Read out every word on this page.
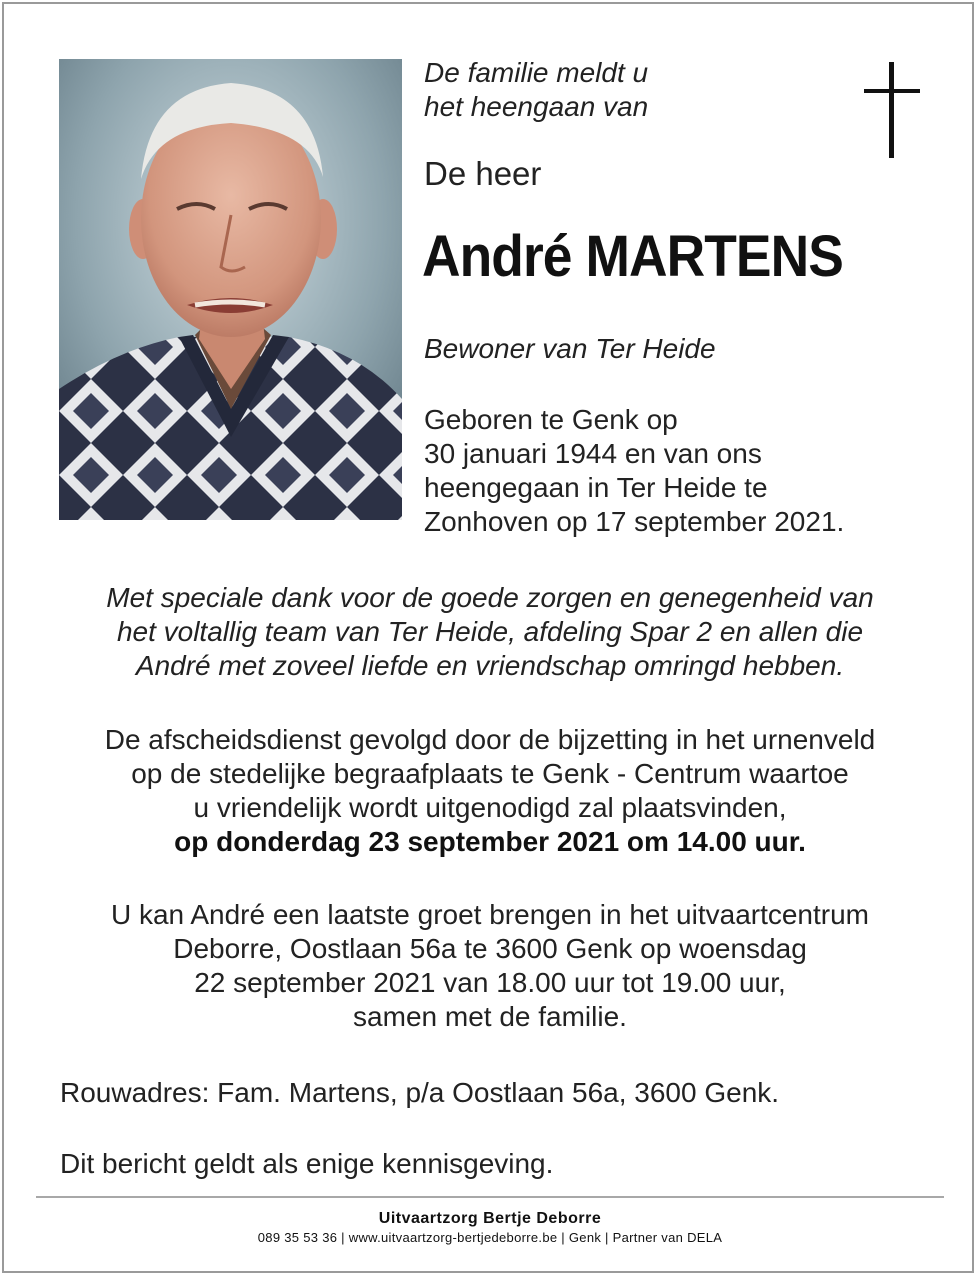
De familie meldt u
het heengaan van
De heer
André MARTENS
Bewoner van Ter Heide
Geboren te Genk op
30 januari 1944 en van ons
heengegaan in Ter Heide te
Zonhoven op 17 september 2021.
Met speciale dank voor de goede zorgen en genegenheid van
het voltallig team van Ter Heide, afdeling Spar 2 en allen die
André met zoveel liefde en vriendschap omringd hebben.
De afscheidsdienst gevolgd door de bijzetting in het urnenveld
op de stedelijke begraafplaats te Genk - Centrum waartoe
u vriendelijk wordt uitgenodigd zal plaatsvinden,
op donderdag 23 september 2021 om 14.00 uur.
U kan André een laatste groet brengen in het uitvaartcentrum
Deborre, Oostlaan 56a te 3600 Genk op woensdag
22 september 2021 van 18.00 uur tot 19.00 uur,
samen met de familie.
Rouwadres: Fam. Martens, p/a Oostlaan 56a, 3600 Genk.
Dit bericht geldt als enige kennisgeving.
Uitvaartzorg Bertje Deborre
089 35 53 36 | www.uitvaartzorg-bertjedeborre.be | Genk | Partner van DELA
